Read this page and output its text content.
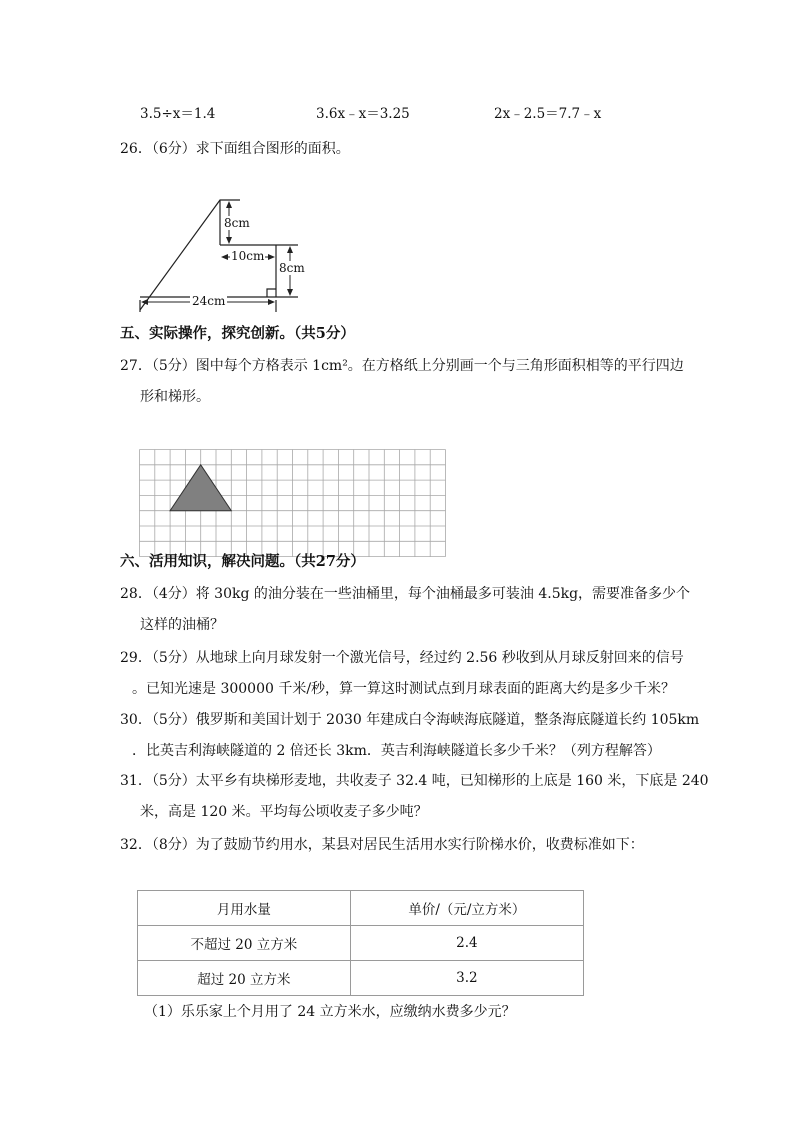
3.5÷x＝1.4	3.6x﹣x＝3.25	2x﹣2.5＝7.7﹣x
26．（6分）求下面组合图形的面积。
8cm
10cm
8cm
24cm
五、实际操作，探究创新。（共5分）
27．（5分）图中每个方格表示 1cm²。在方格纸上分别画一个与三角形面积相等的平行四边
形和梯形。
六、活用知识，解决问题。（共27分）
28．（4分）将 30kg 的油分装在一些油桶里，每个油桶最多可装油 4.5kg，需要准备多少个
这样的油桶？
29．（5分）从地球上向月球发射一个激光信号，经过约 2.56 秒收到从月球反射回来的信号
。已知光速是 300000 千米/秒，算一算这时测试点到月球表面的距离大约是多少千米？
30．（5分）俄罗斯和美国计划于 2030 年建成白令海峡海底隧道，整条海底隧道长约 105km
．比英吉利海峡隧道的 2 倍还长 3km．英吉利海峡隧道长多少千米？（列方程解答）
31．（5分）太平乡有块梯形麦地，共收麦子 32.4 吨，已知梯形的上底是 160 米，下底是 240
米，高是 120 米。平均每公顷收麦子多少吨？
32．（8分）为了鼓励节约用水，某县对居民生活用水实行阶梯水价，收费标准如下：
月用水量	单价/（元/立方米）
不超过 20 立方米	2.4
超过 20 立方米	3.2
（1）乐乐家上个月用了 24 立方米水，应缴纳水费多少元？
